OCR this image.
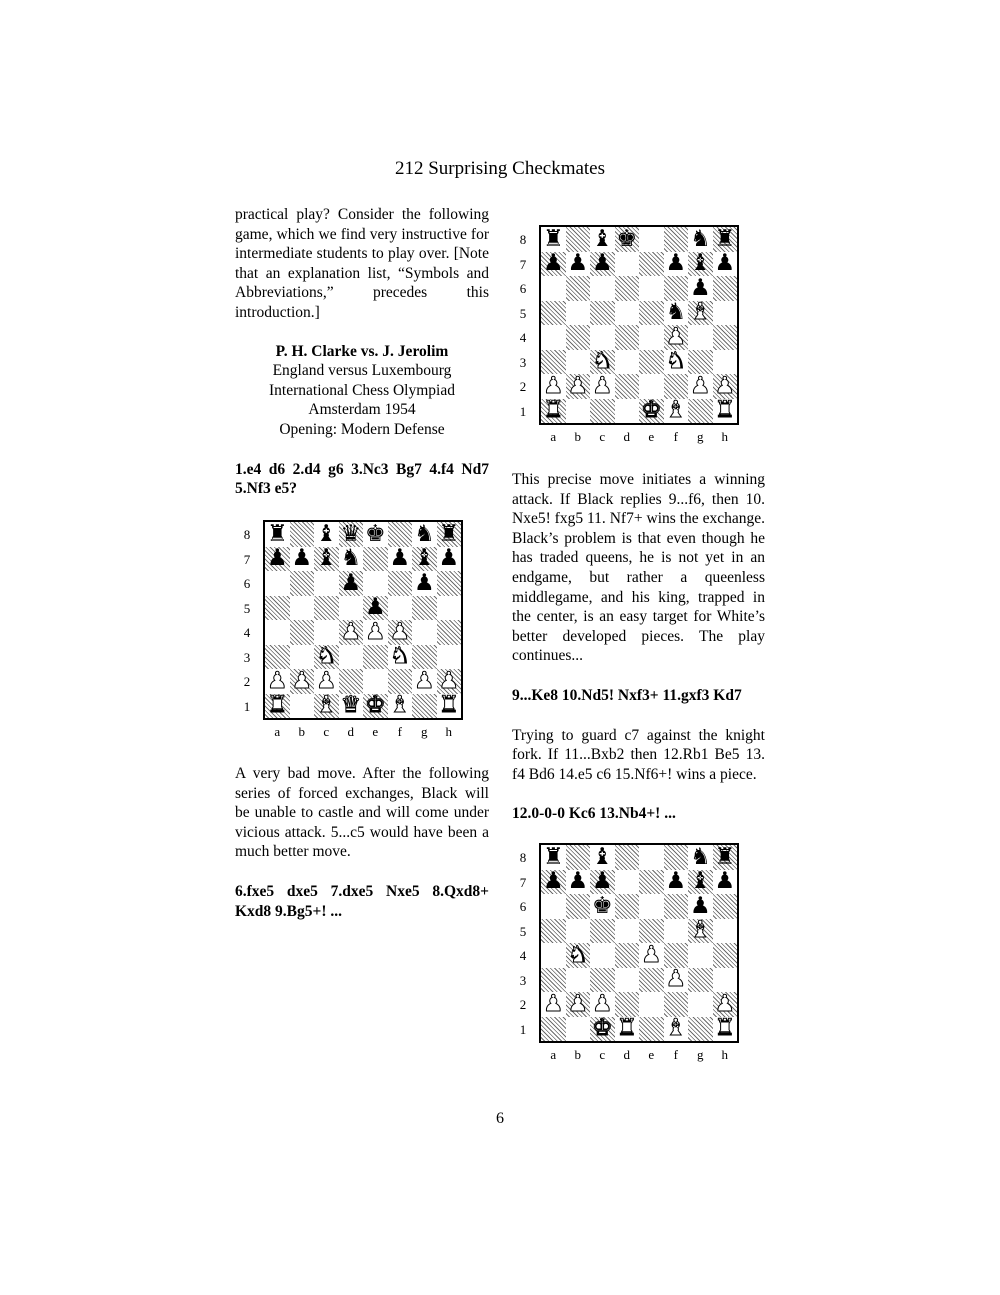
212 Surprising Checkmates

practical play? Consider the following game, which we find very instructive for intermediate students to play over. [Note that an explanation list, “Symbols and Abbreviations,” precedes this introduction.]

P. H. Clarke vs. J. Jerolim

England versus Luxembourg

International Chess Olympiad

Amsterdam 1954

Opening: Modern Defense

1.e4 d6 2.d4 g6 3.Nc3 Bg7 4.f4 Nd7 5.Nf3 e5?

A very bad move. After the following series of forced exchanges, Black will be unable to castle and will come under vicious attack. 5...c5 would have been a much better move.

6.fxe5 dxe5 7.dxe5 Nxe5 8.Qxd8+ Kxd8 9.Bg5+! ...

This precise move initiates a winning attack. If Black replies 9...f6, then 10. Nxe5! fxg5 11. Nf7+ wins the exchange. Black’s problem is that even though he has traded queens, he is not yet in an endgame, but rather a queenless middlegame, and his king, trapped in the center, is an easy target for White’s better developed pieces. The play continues...

9...Ke8 10.Nd5! Nxf3+ 11.gxf3 Kd7

Trying to guard c7 against the knight fork. If 11...Bxb2 then 12.Rb1 Be5 13. f4 Bd6 14.e5 c6 15.Nf6+! wins a piece.

12.0-0-0 Kc6 13.Nb4+! ...

8
7
6
5
4
3
2
1
♜ ♝ ♛ ♚ ♞ ♜
♟ ♟ ♝ ♞ ♟ ♝ ♟
♟ ♟
♟
♟ ♟ ♟
♞ ♞
♟ ♟ ♟	♟ ♟
♜ ♝ ♛ ♚ ♝ ♜
a	b	c	d	e	f	g	h
8
7
6
5
4
3
2
1
♜ ♝ ♚ ♞ ♜
♟ ♟ ♟ ♟ ♝ ♟
♟
♞ ♝
♟
♞ ♞
♟ ♟ ♟	♟ ♟
♜	♚ ♝ ♜
a	b	c	d	e	f	g	h
8
7
6
5
4
3
2
1
♜ ♝	♞ ♜
♟ ♟ ♟ ♟ ♝ ♟
♚	♟
♝
♞ ♟
♟
♟ ♟ ♟	♟
♚ ♜ ♝ ♜
a	b	c	d	e	f	g	h
6
